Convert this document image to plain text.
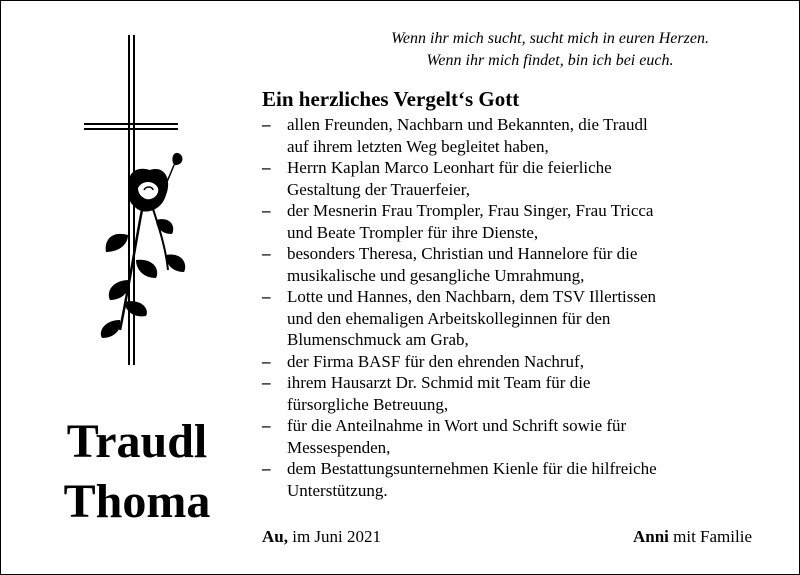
Wenn ihr mich sucht, sucht mich in euren Herzen.
Wenn ihr mich findet, bin ich bei euch.
Ein herzliches Vergelt‘s Gott
– allen Freunden, Nachbarn und Bekannten, die Traudl
auf ihrem letzten Weg begleitet haben,
– Herrn Kaplan Marco Leonhart für die feierliche
Gestaltung der Trauerfeier,
– der Mesnerin Frau Trompler, Frau Singer, Frau Tricca
und Beate Trompler für ihre Dienste,
– besonders Theresa, Christian und Hannelore für die
musikalische und gesangliche Umrahmung,
– Lotte und Hannes, den Nachbarn, dem TSV Illertissen
und den ehemaligen Arbeitskolleginnen für den
Blumenschmuck am Grab,
– der Firma BASF für den ehrenden Nachruf,
– ihrem Hausarzt Dr. Schmid mit Team für die
fürsorgliche Betreuung,
– für die Anteilnahme in Wort und Schrift sowie für
Messespenden,
– dem Bestattungsunternehmen Kienle für die hilfreiche
Unterstützung.
Traudl
Thoma
Au, im Juni 2021	Anni mit Familie
